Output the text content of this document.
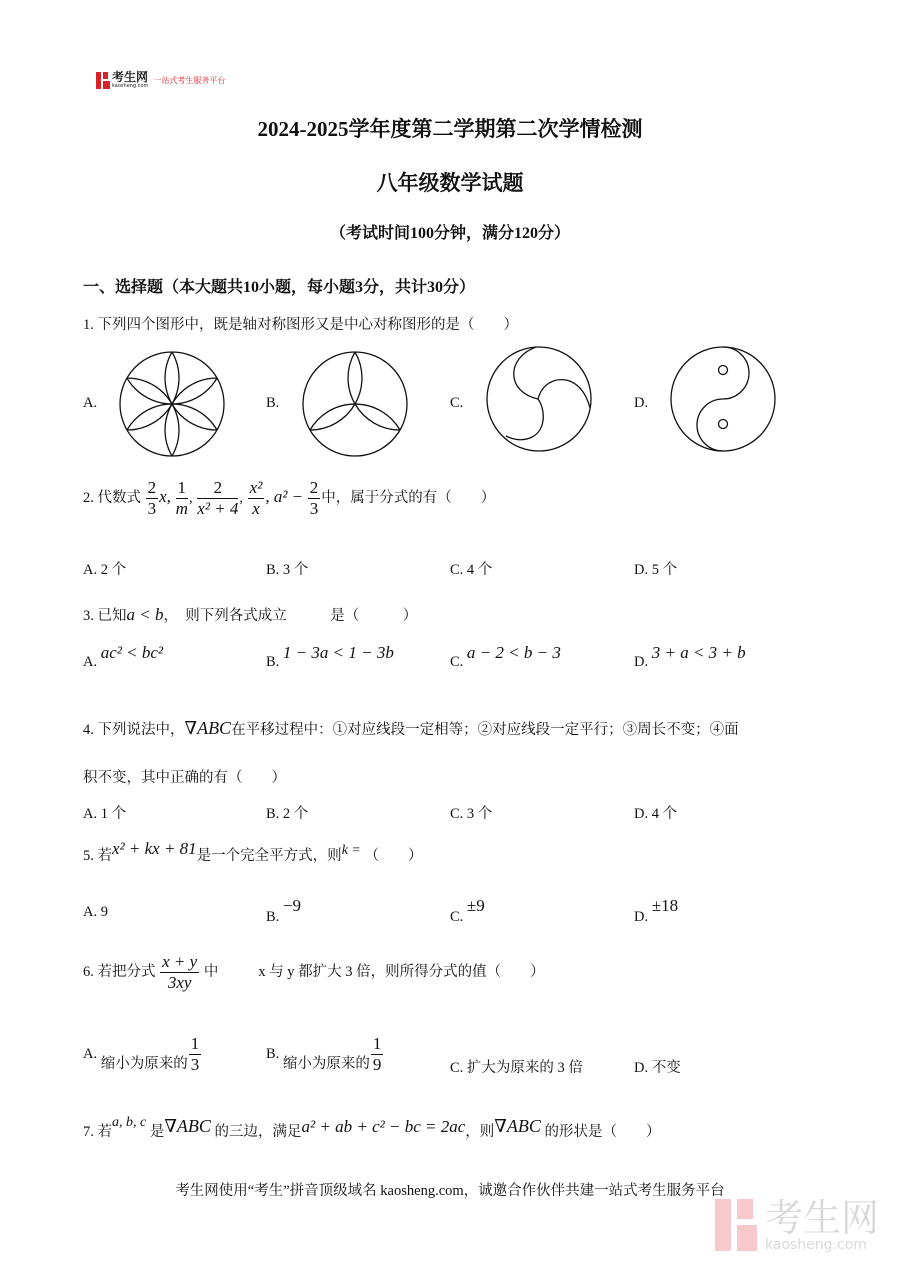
考生网
kaosheng.com
一站式考生服务平台
2024-2025学年度第二学期第二次学情检测
八年级数学试题
（考试时间100分钟，满分120分）
一、选择题（本大题共10小题，每小题3分，共计30分）
1. 下列四个图形中，既是轴对称图形又是中心对称图形的是（　　）
A.	B.	C.	D.
2. 代数式 $\frac{2}{3} x$, $\frac{1}{m}$ , $\frac{2}{\text{x² + 4}}$ , $\frac{\text{x²}}{x}$ , $a^2 - \frac{2}{3}$ 中，属于分式的有（　　）
A. 2 个	B. 3 个	C. 4 个	D. 5 个
3. 已知a < b，　则下列各式成立　　　是（　　　）
A. ac² < bc²	B. 1 − 3a < 1 − 3b	C. a − 2 < b − 3	D. 3 + a < 3 + b
4. 下列说法中，∇ABC在平移过程中：①对应线段一定相等；②对应线段一定平行；③周长不变；④面
积不变，其中正确的有（　　）
A. 1 个	B. 2 个	C. 3 个	D. 4 个
5. 若x² + kx + 81是一个完全平方式，则k = （　　）
A. 9	B. −9
C. ±9
D. ±18
6. 若把分式 $\frac{x + y}{3xy}$ 中	x 与 y 都扩大 3 倍，则所得分式的值（　　）
A. 缩小为原来的 $\frac{1}{3}$	B. 缩小为原来的 $\frac{1}{9}$	C. 扩大为原来的 3 倍	D. 不变
7. 若a, b, c 是∇ABC 的三边，满足a² + ab + c² − bc = 2ac，则∇ABC 的形状是（　　）
考生网使用“考生”拼音顶级域名 kaosheng.com，诚邀合作伙伴共建一站式考生服务平台
考生网
kaosheng.com
